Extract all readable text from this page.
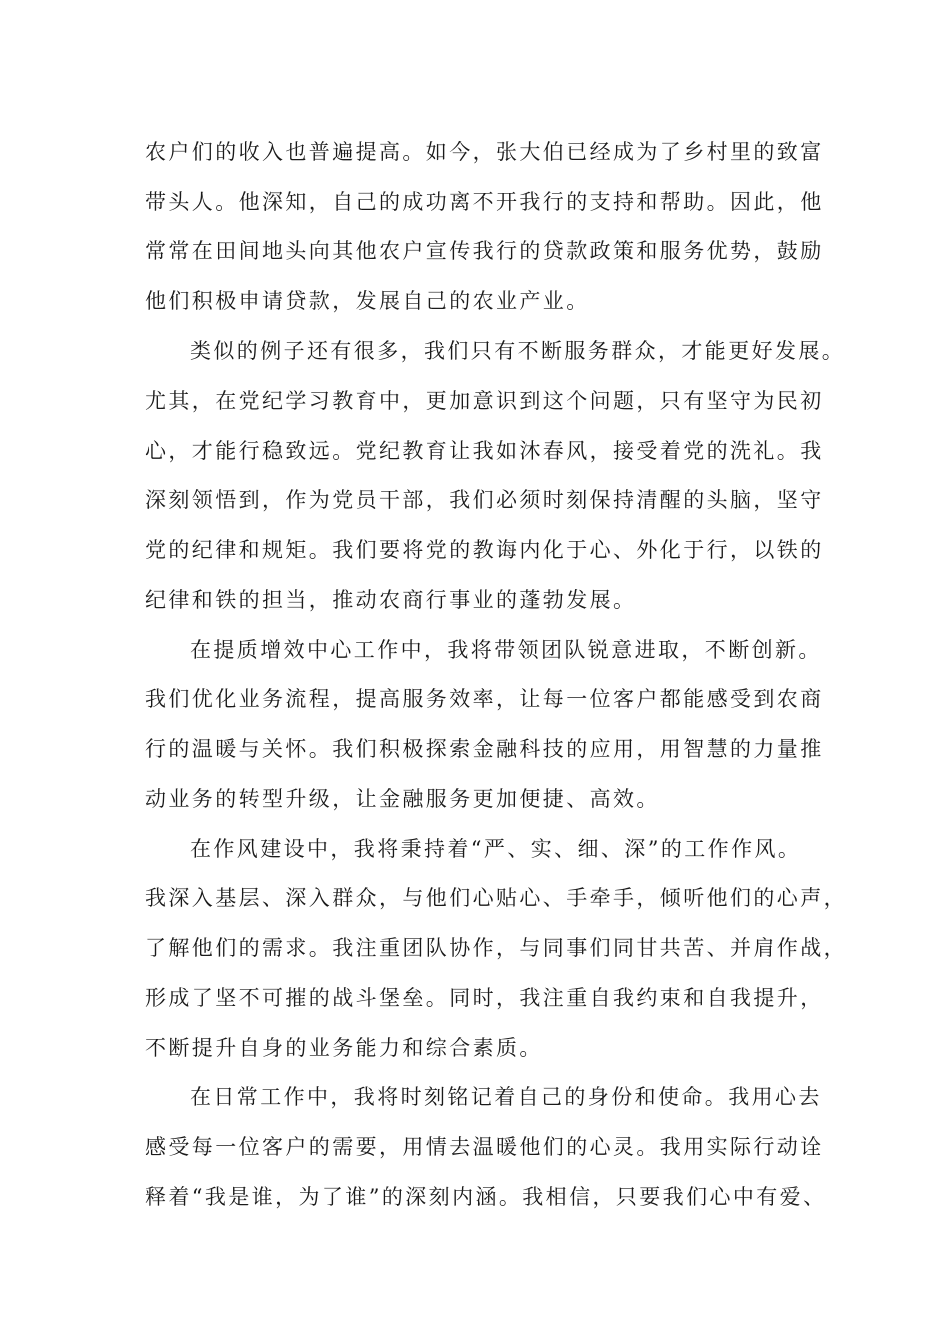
农户们的收入也普遍提高。如今，张大伯已经成为了乡村里的致富
带头人。他深知，自己的成功离不开我行的支持和帮助。因此，他
常常在田间地头向其他农户宣传我行的贷款政策和服务优势，鼓励
他们积极申请贷款，发展自己的农业产业。
类似的例子还有很多，我们只有不断服务群众，才能更好发展。
尤其，在党纪学习教育中，更加意识到这个问题，只有坚守为民初
心，才能行稳致远。党纪教育让我如沐春风，接受着党的洗礼。我
深刻领悟到，作为党员干部，我们必须时刻保持清醒的头脑，坚守
党的纪律和规矩。我们要将党的教诲内化于心、外化于行，以铁的
纪律和铁的担当，推动农商行事业的蓬勃发展。
在提质增效中心工作中，我将带领团队锐意进取，不断创新。
我们优化业务流程，提高服务效率，让每一位客户都能感受到农商
行的温暖与关怀。我们积极探索金融科技的应用，用智慧的力量推
动业务的转型升级，让金融服务更加便捷、高效。
在作风建设中，我将秉持着“严、实、细、深”的工作作风。
我深入基层、深入群众，与他们心贴心、手牵手，倾听他们的心声，
了解他们的需求。我注重团队协作，与同事们同甘共苦、并肩作战，
形成了坚不可摧的战斗堡垒。同时，我注重自我约束和自我提升，
不断提升自身的业务能力和综合素质。
在日常工作中，我将时刻铭记着自己的身份和使命。我用心去
感受每一位客户的需要，用情去温暖他们的心灵。我用实际行动诠
释着“我是谁，为了谁”的深刻内涵。我相信，只要我们心中有爱、
